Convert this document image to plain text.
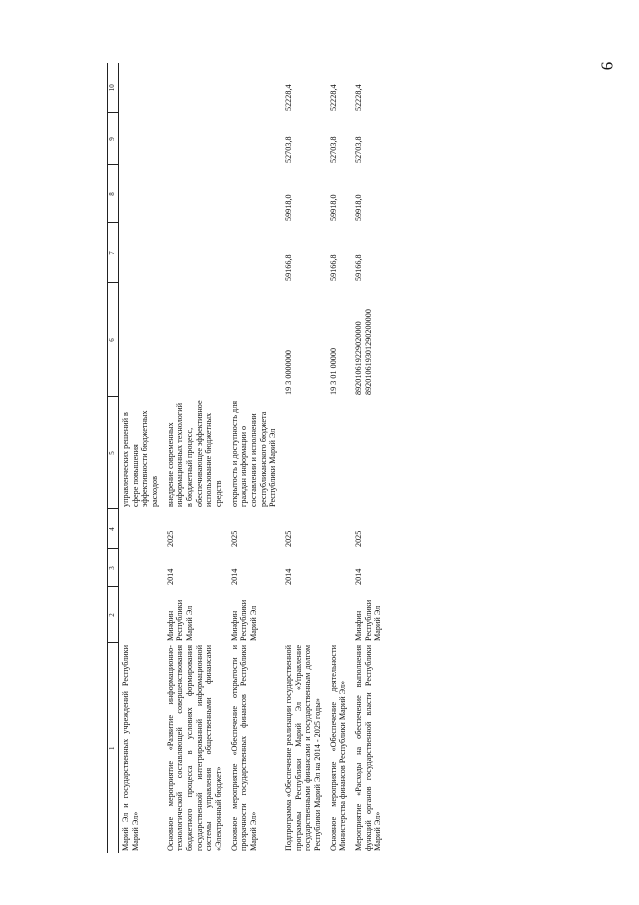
9
1	2	3	4	5	6	7	8	9	10
Марий Эл и государственных учреждений Республики Марий Эл»				управленческих решений в сфере повышения эффективности бюджетных расходов					
Основное мероприятие «Развитие информационно-технологической составляющей совершенствования бюджетного процесса в условиях формирования государственной интегрированной информационной системы управления общественными финансами «Электронный бюджет»	Минфин Республики Марий Эл	2014	2025	внедрение современных информационных технологий в бюджетный процесс, обеспечивающее эффективное использование бюджетных средств					
Основное мероприятие «Обеспечение открытости и прозрачности государственных финансов Республики Марий Эл»	Минфин Республики Марий Эл	2014	2025	открытость и доступность для граждан информации о составлении и исполнении республиканского бюджета Республики Марий Эл					
Подпрограмма «Обеспечение реализации государственной программы Республики Марий Эл «Управление государственными финансами и государственным долгом Республики Марий Эл на 2014 - 2025 годы»		2014	2025		19 3 0000000	59166,8	59918,0	52703,8	52228,4
Основное мероприятие «Обеспечение деятельности Министерства финансов Республики Марий Эл»					19 3 01 00000	59166,8	59918,0	52703,8	52228,4
Мероприятие «Расходы на обеспечение выполнения функций органов государственной власти Республики Марий Эл»	Минфин Республики Марий Эл	2014	2025		892010619229020000 892010619301290200000	59166,8	59918,0	52703,8	52228,4
